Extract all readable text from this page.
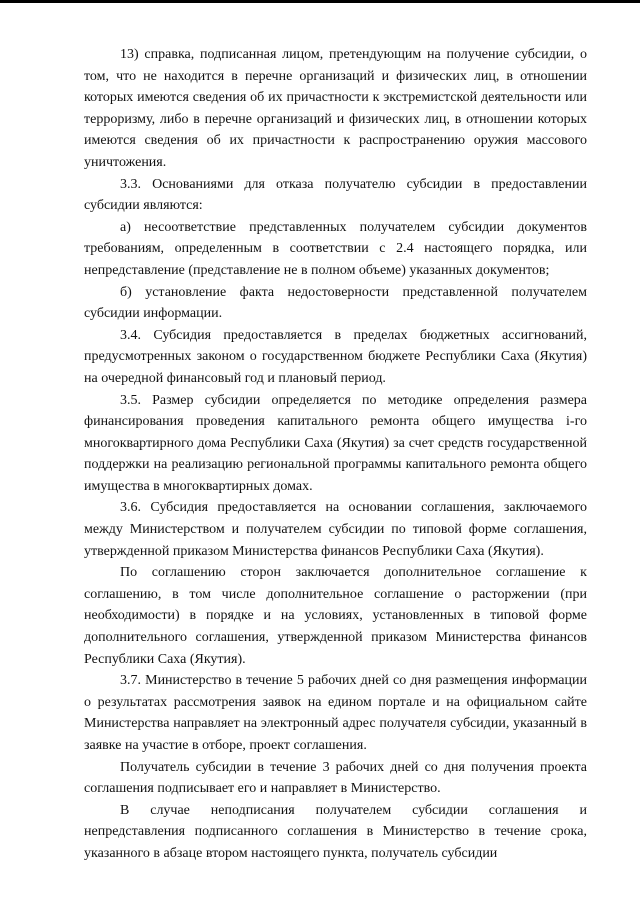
13) справка, подписанная лицом, претендующим на получение субсидии, о том, что не находится в перечне организаций и физических лиц, в отношении которых имеются сведения об их причастности к экстремистской деятельности или терроризму, либо в перечне организаций и физических лиц, в отношении которых имеются сведения об их причастности к распространению оружия массового уничтожения.

3.3. Основаниями для отказа получателю субсидии в предоставлении субсидии являются:

а) несоответствие представленных получателем субсидии документов требованиям, определенным в соответствии с 2.4 настоящего порядка, или непредставление (представление не в полном объеме) указанных документов;

б) установление факта недостоверности представленной получателем субсидии информации.

3.4. Субсидия предоставляется в пределах бюджетных ассигнований, предусмотренных законом о государственном бюджете Республики Саха (Якутия) на очередной финансовый год и плановый период.

3.5. Размер субсидии определяется по методике определения размера финансирования проведения капитального ремонта общего имущества i-го многоквартирного дома Республики Саха (Якутия) за счет средств государственной поддержки на реализацию региональной программы капитального ремонта общего имущества в многоквартирных домах.

3.6. Субсидия предоставляется на основании соглашения, заключаемого между Министерством и получателем субсидии по типовой форме соглашения, утвержденной приказом Министерства финансов Республики Саха (Якутия).

По соглашению сторон заключается дополнительное соглашение к соглашению, в том числе дополнительное соглашение о расторжении (при необходимости) в порядке и на условиях, установленных в типовой форме дополнительного соглашения, утвержденной приказом Министерства финансов Республики Саха (Якутия).

3.7. Министерство в течение 5 рабочих дней со дня размещения информации о результатах рассмотрения заявок на едином портале и на официальном сайте Министерства направляет на электронный адрес получателя субсидии, указанный в заявке на участие в отборе, проект соглашения.

Получатель субсидии в течение 3 рабочих дней со дня получения проекта соглашения подписывает его и направляет в Министерство.

В случае неподписания получателем субсидии соглашения и непредставления подписанного соглашения в Министерство в течение срока, указанного в абзаце втором настоящего пункта, получатель субсидии
